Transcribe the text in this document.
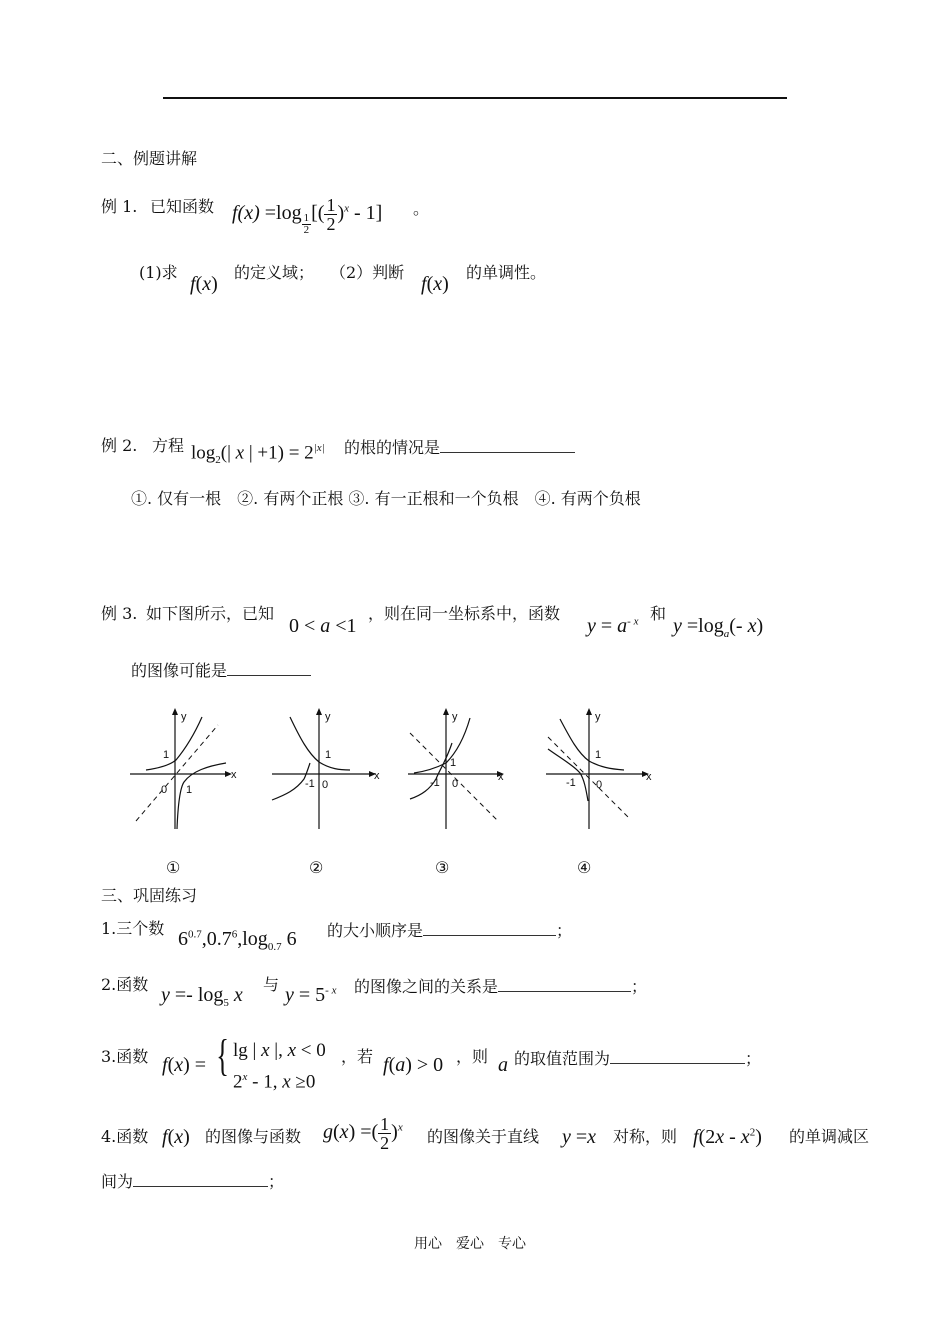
二、例题讲解
例 1. 已知函数 $f(x) =\log \frac{1}{2}$ [( $\frac{1}{2} )^x - 1$] 。
(1)求
f(x)
的定义域； （2）判断
f(x)
的单调性。
例 2. 方程 $\log_2(|$ x | $+1) = 2^{|x|}$ 的根的情况是
①. 仅有一根　②. 有两个正根 ③. 有一正根和一个负根　④. 有两个负根
例 3. 如下图所示，已知
0 < a <1
，则在同一坐标系中，函数
$y = a^{- x}$ 和
$y =\log_a(-$ x)
的图像可能是
y
x
1
0 1
①
y
x
1
-1 0
②
y
x
1
-1 0
③
y
x
1
-1 0
④
三、巩固练习
1.三个数 $6^{0.7},0.7^6,\log_{0.7}$ 6 的大小顺序是	；
2.函数 $y =- \log_5 x$ 与 $y = 5^{- x}$ 的图像之间的关系是	；
3.函数 f(x) = { lg | x |, x < 0
2$^x$ - 1, x ≥0
，若 f(a) > 0 ，则 a 的取值范围为	；
4.函数 f(x) 的图像与函数 g(x) =( $\frac{1}{2} )^x$ 的图像关于直线 y =x 对称，则 $f(2x - x^2)$ 的单调减区
间为	；
用心　爱心　专心
